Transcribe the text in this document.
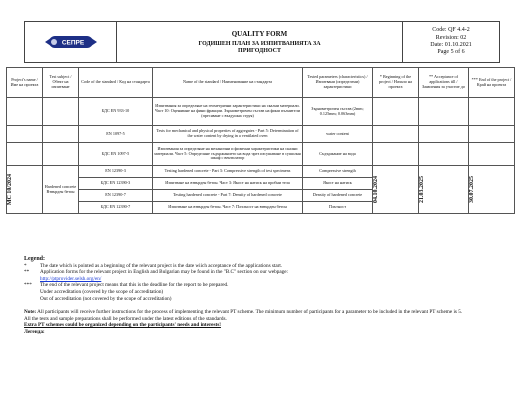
СЕПРЕ
QUALITY FORM
ГОДИШЕН ПЛАН ЗА ИЗПИТВАНИЯТА ЗА
ПРИГОДНОСТ
Code: QF 4.4-2
Revision: 02
Date: 01.10.2021
Page 5 of 6
Project's name / Име на проекта	Test subject / Обект на изпитване	Code of the standard / Код на стандарта	Name of the standard / Наименование на стандарта	Tested parameters (characteristics) / Изпитвани (определени) характеристики	* Beginning of the project / Начало на проекта	** Acceptance of applications till / Заявления за участие до	*** End of the project / Край на проекта
		БДС EN 933-10	Изпитвания за определяне на геометрични характеристики на скални материали. Част 10: Оценяване на фини фракции. Зърнометричен състав на фини пълнители (пресяване с въздушна струя)	Зърнометричен състав (2mm; 0.125mm; 0.063mm)			
		EN 1097-5	Tests for mechanical and physical properties of aggregates - Part 5: Determination of the water content by drying in a ventilated oven	water content			
		БДС EN 1097-5	Изпитвания за определяне на механични и физични характеристики на скални материали. Част 5: Определяне съдържанието на вода чрез изсушаване в сушилня шкаф с вентилатор	Съдържание на вода			

MC 10/2024	Hardened concrete Втвърден бетон	EN 12390-3	Testing hardened concrete - Part 3: Compressive strength of test specimens	Compressive strength	04.10.2024	21.03.2025	30.07.2025

		БДС EN 12390-3	Изпитване на втвърден бетон. Част 3: Якост на натиск на пробни тела	Якост на натиск			
		EN 12390-7	Testing hardened concrete - Part 7: Density of hardened concrete	Density of hardened concrete			
		БДС EN 12390-7	Изпитване на втвърден бетон. Част 7: Плътност на втвърден бетон	Плътност			
Legend:
*	The date which is pointed as a beginning of the relevant project is the date wiich acceptance of the applications start.
**	Application forms for the relevant project in English and Bulgarian may be found in the "B.C" section on our webpage:
http://ptprovider.selsh.org/en/
***	The end of the relevant project means that this is the deadline for the report to be prepared.
Under accreditation (covered by the scope of accreditation)
Out of accreditation (not covered by the scope of accreditation)
Note: All participants will receive further instructions for the process of implementing the relevant PT scheme. The minimum number of participants for a parameter to be included in the relevant PT scheme is 5.
All the tests and sample preparations shall be performed under the latest editions of the standards.
Extra PT schemes could be organized depending on the participants' needs and interests!
Легенда:
